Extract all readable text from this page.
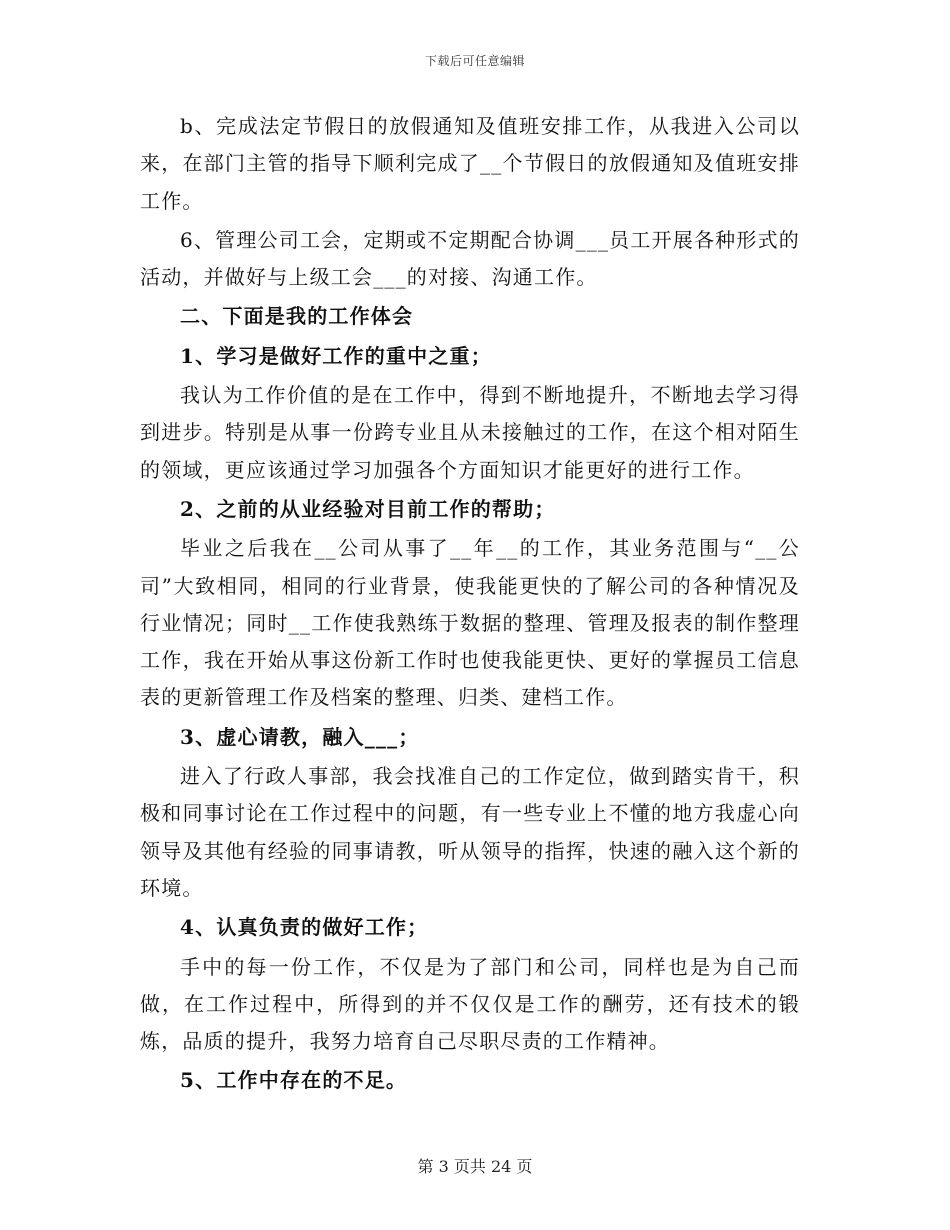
下载后可任意编辑

b、完成法定节假日的放假通知及值班安排工作，从我进入公司以来，在部门主管的指导下顺利完成了__个节假日的放假通知及值班安排工作。

6、管理公司工会，定期或不定期配合协调___员工开展各种形式的活动，并做好与上级工会___的对接、沟通工作。

二、下面是我的工作体会

1、学习是做好工作的重中之重；

我认为工作价值的是在工作中，得到不断地提升，不断地去学习得到进步。特别是从事一份跨专业且从未接触过的工作，在这个相对陌生的领域，更应该通过学习加强各个方面知识才能更好的进行工作。

2、之前的从业经验对目前工作的帮助；

毕业之后我在__公司从事了__年__的工作，其业务范围与“__公司”大致相同，相同的行业背景，使我能更快的了解公司的各种情况及行业情况；同时__工作使我熟练于数据的整理、管理及报表的制作整理工作，我在开始从事这份新工作时也使我能更快、更好的掌握员工信息表的更新管理工作及档案的整理、归类、建档工作。

3、虚心请教，融入___；

进入了行政人事部，我会找准自己的工作定位，做到踏实肯干，积极和同事讨论在工作过程中的问题，有一些专业上不懂的地方我虚心向领导及其他有经验的同事请教，听从领导的指挥，快速的融入这个新的环境。

4、认真负责的做好工作；

手中的每一份工作，不仅是为了部门和公司，同样也是为自己而做，在工作过程中，所得到的并不仅仅是工作的酬劳，还有技术的锻炼，品质的提升，我努力培育自己尽职尽责的工作精神。

5、工作中存在的不足。

第 3 页共 24 页
